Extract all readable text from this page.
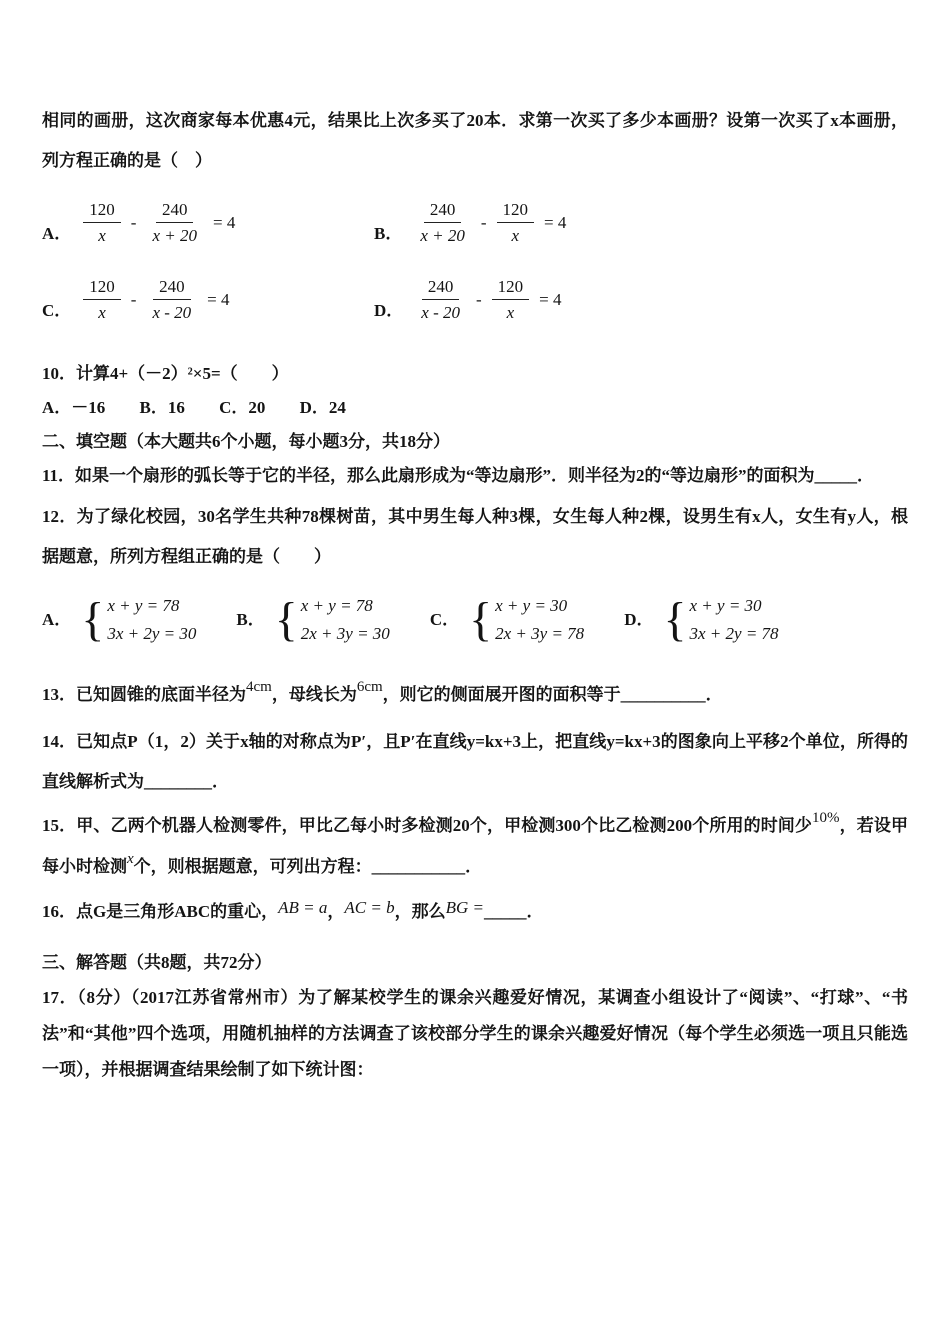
相同的画册，这次商家每本优惠4元，结果比上次多买了20本．求第一次买了多少本画册？设第一次买了x本画册，列方程正确的是（　）

A． $\frac{120}{x} - \frac{240}{x + 20} = 4$
B． $\frac{240}{x + 20} - \frac{120}{x} = 4$
C． $\frac{120}{x} - \frac{240}{x - 20} = 4$
D． $\frac{240}{x - 20} - \frac{120}{x} = 4$

10．计算4+（－2）²×5=（　　）

A．－16 B．16 C．20 D．24

二、填空题（本大题共6个小题，每小题3分，共18分）

11．如果一个扇形的弧长等于它的半径，那么此扇形成为“等边扇形”．则半径为2的“等边扇形”的面积为_____．

12．为了绿化校园，30名学生共种78棵树苗，其中男生每人种3棵，女生每人种2棵，设男生有x人，女生有y人，根据题意，所列方程组正确的是（　　）

A． { x + y = 78
3x + 2y = 30
B． { x + y = 78
2x + 3y = 30
C． { x + y = 30
2x + 3y = 78
D． { x + y = 30
3x + 2y = 78

13．已知圆锥的底面半径为4cm，母线长为6cm，则它的侧面展开图的面积等于__________．

14．已知点P（1，2）关于x轴的对称点为P′，且P′在直线y=kx+3上，把直线y=kx+3的图象向上平移2个单位，所得的直线解析式为________．

15．甲、乙两个机器人检测零件，甲比乙每小时多检测20个，甲检测300个比乙检测200个所用的时间少10%，若设甲每小时检测x个，则根据题意，可列出方程：___________．

16．点G是三角形ABC的重心，AB = a，AC = b，那么BG =_____．

三、解答题（共8题，共72分）

17．（8分）（2017江苏省常州市）为了解某校学生的课余兴趣爱好情况，某调查小组设计了“阅读”、“打球”、“书法”和“其他”四个选项，用随机抽样的方法调查了该校部分学生的课余兴趣爱好情况（每个学生必须选一项且只能选一项），并根据调查结果绘制了如下统计图：
